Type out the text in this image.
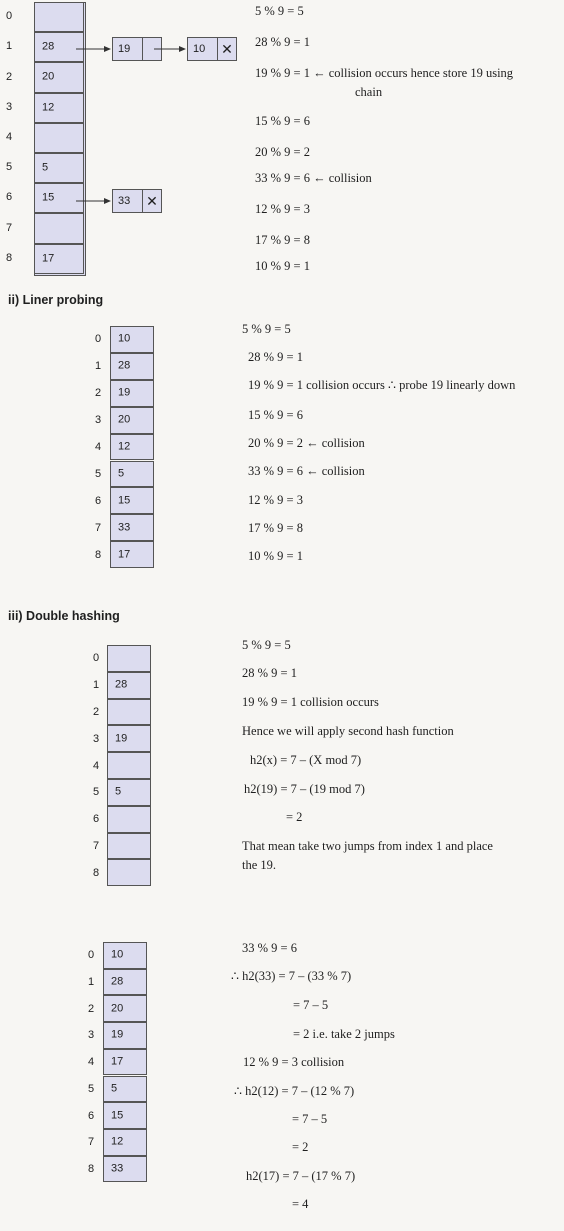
28
20
12
5
15
17
0
1
2
3
4
5
6
7
8
19	10 ✕
33 ✕
5 % 9 = 5
28 % 9 = 1
19 % 9 = 1 ← collision occurs hence store 19 using
chain
15 % 9 = 6
20 % 9 = 2
33 % 9 = 6 ← collision
12 % 9 = 3
17 % 9 = 8
10 % 9 = 1
ii) Liner probing
10
0
28
1
19
2
20
3
12
4
5
5
15
6
33
7
17
8
5 % 9 = 5
28 % 9 = 1
19 % 9 = 1 collision occurs ∴ probe 19 linearly down
15 % 9 = 6
20 % 9 = 2 ← collision
33 % 9 = 6 ← collision
12 % 9 = 3
17 % 9 = 8
10 % 9 = 1
iii) Double hashing
0
28
1
2
19
3
4
5
5
6
7
8
5 % 9 = 5
28 % 9 = 1
19 % 9 = 1 collision occurs
Hence we will apply second hash function
h2(x) = 7 – (X mod 7)
h2(19) = 7 – (19 mod 7)
= 2
That mean take two jumps from index 1 and place
the 19.
10
0
28
1
20
2
19
3
17
4
5
5
15
6
12
7
33
8
33 % 9 = 6
∴ h2(33) = 7 – (33 % 7)
= 7 – 5
= 2 i.e. take 2 jumps
12 % 9 = 3 collision
∴ h2(12) = 7 – (12 % 7)
= 7 – 5
= 2
h2(17) = 7 – (17 % 7)
= 4
